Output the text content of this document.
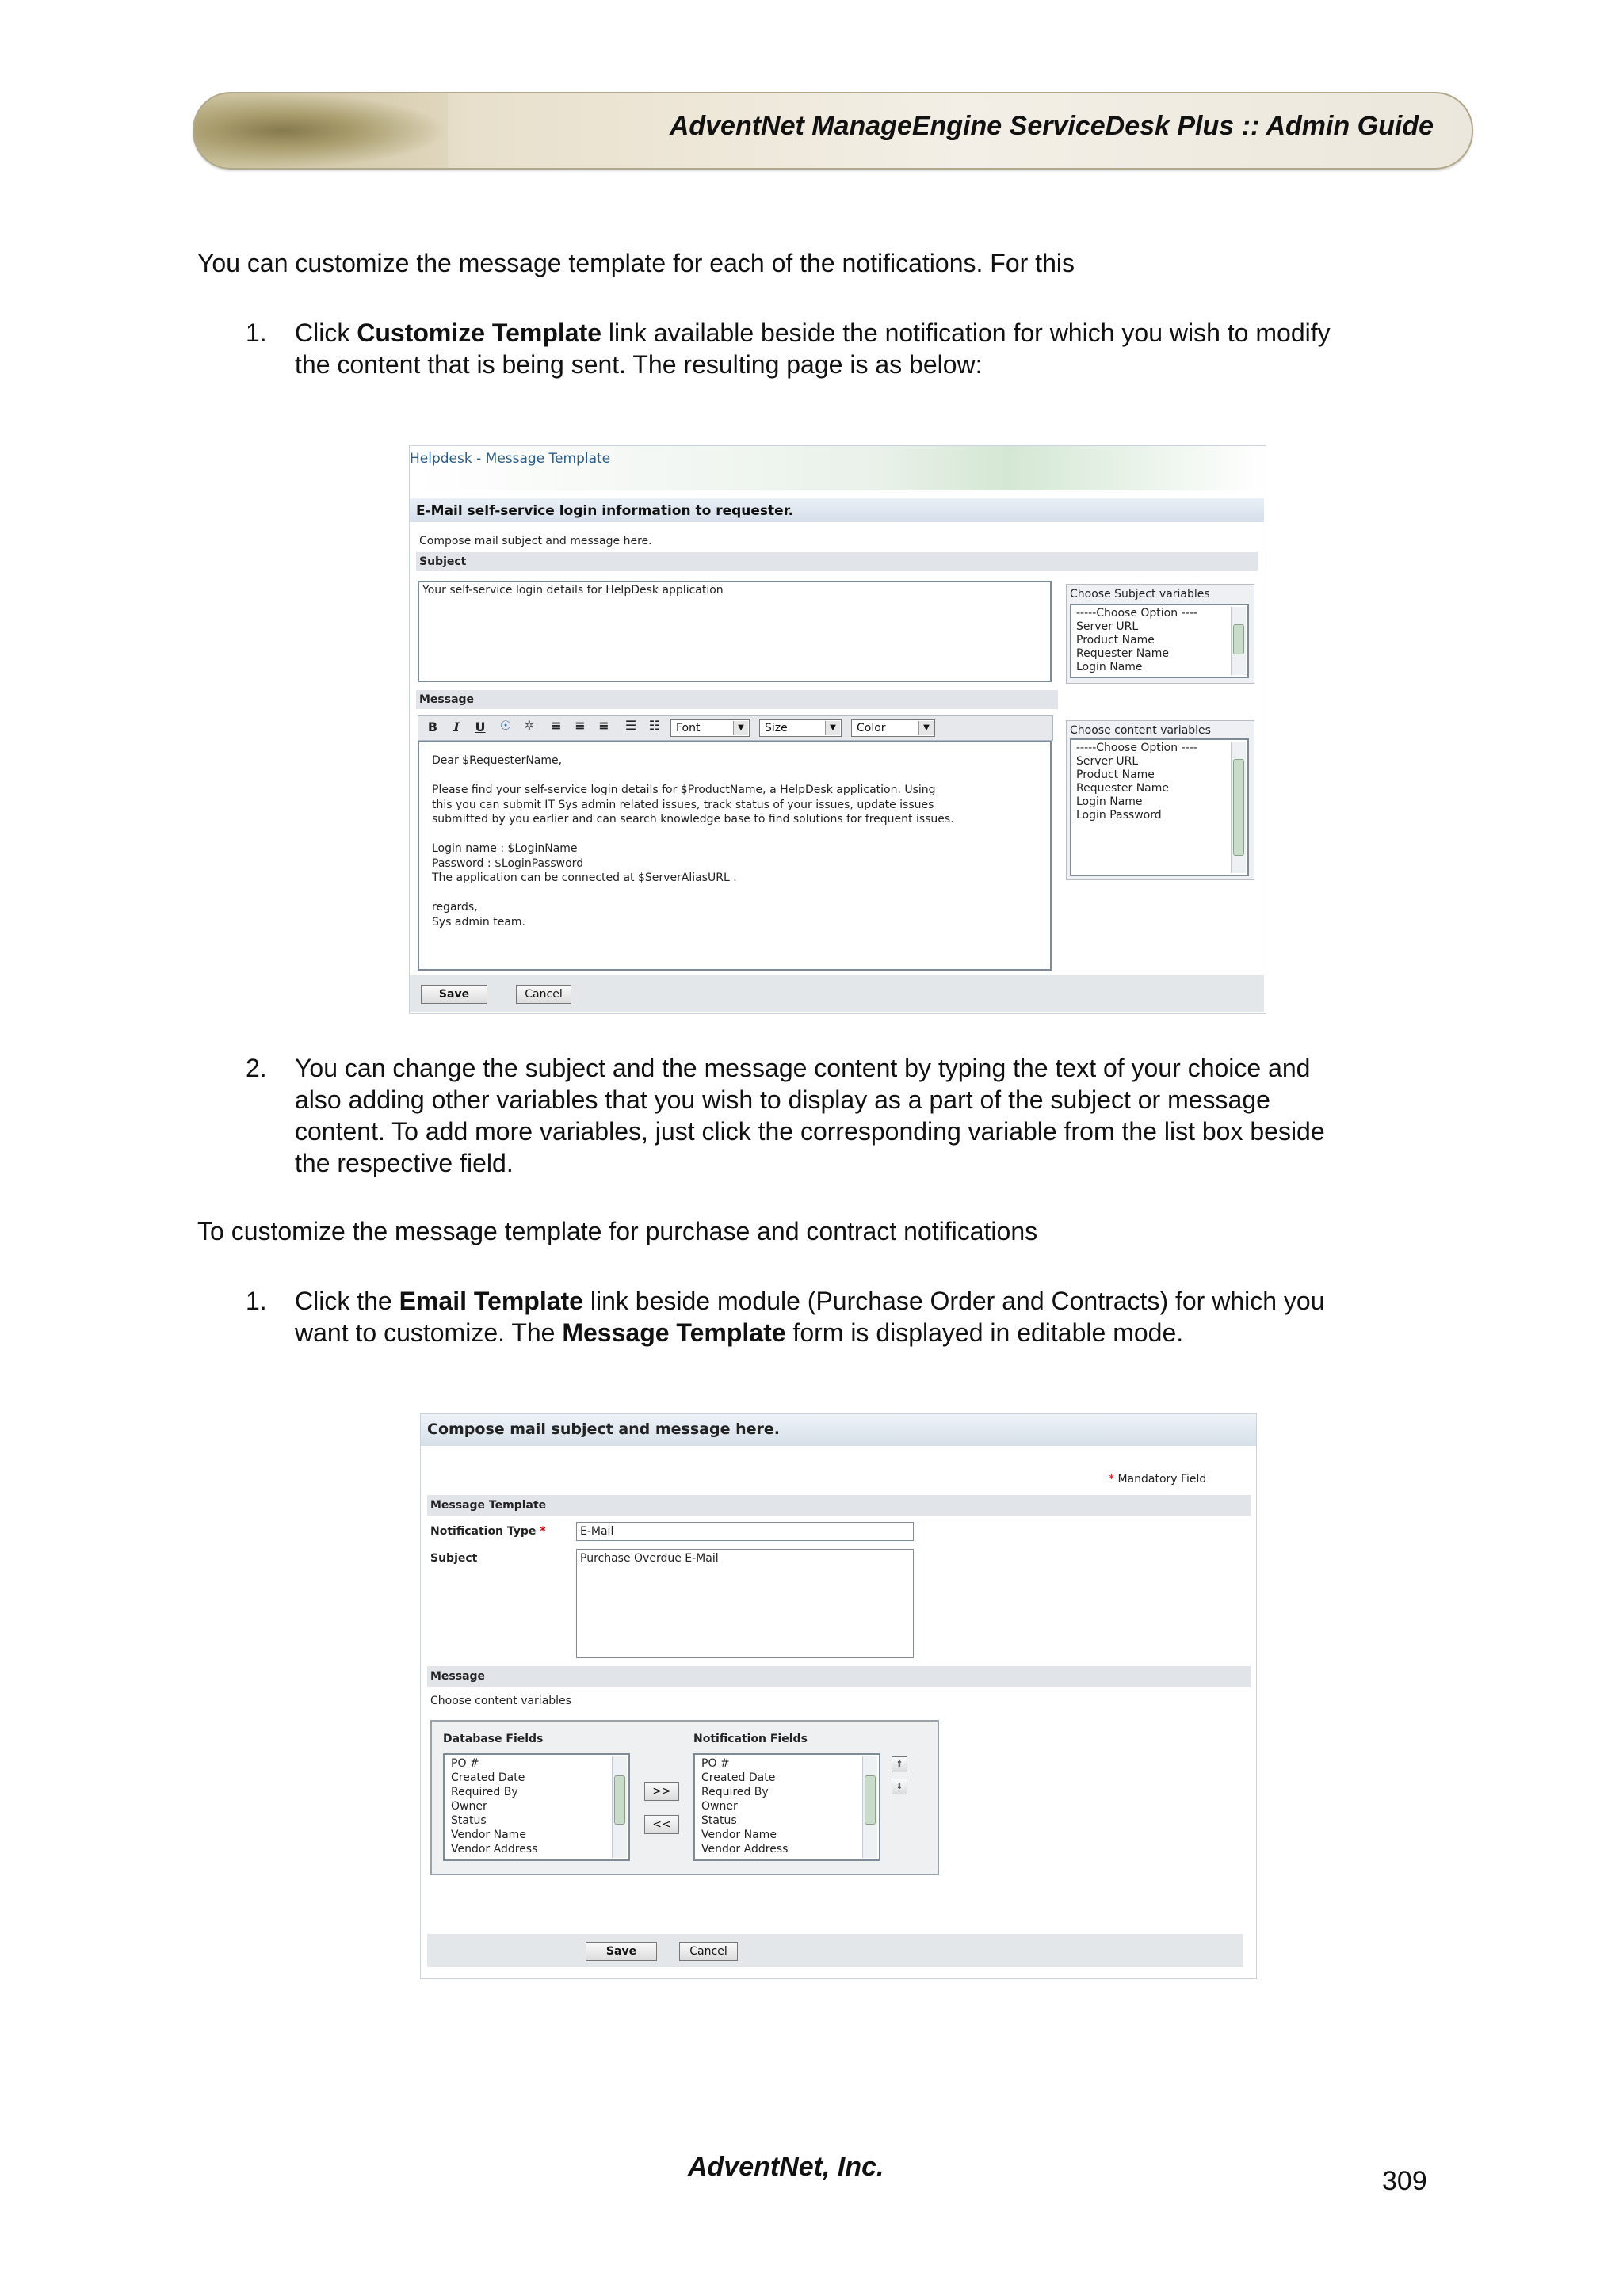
AdventNet ManageEngine ServiceDesk Plus :: Admin Guide
You can customize the message template for each of the notifications. For this
1. Click Customize Template link available beside the notification for which you wish to modify
the content that is being sent. The resulting page is as below:
Helpdesk - Message Template
E-Mail self-service login information to requester.
Compose mail subject and message here.
Subject
Your self-service login details for HelpDesk application	Choose Subject variables
-----Choose Option ----
Server URL
Product Name
Requester Name
Login Name
Message
B	I	U	☉	✲	≡	≡	≡	☰ ☷	Font	▼	Size	▼	Color	▼
Dear $RequesterName,

Please find your self-service login details for $ProductName, a HelpDesk application. Using
this you can submit IT Sys admin related issues, track status of your issues, update issues
submitted by you earlier and can search knowledge base to find solutions for frequent issues.

Login name : $LoginName
Password : $LoginPassword
The application can be connected at $ServerAliasURL .

regards,
Sys admin team.
Choose content variables
-----Choose Option ----
Server URL
Product Name
Requester Name
Login Name
Login Password
Save	Cancel
2. You can change the subject and the message content by typing the text of your choice and
also adding other variables that you wish to display as a part of the subject or message
content. To add more variables, just click the corresponding variable from the list box beside
the respective field.
To customize the message template for purchase and contract notifications
1. Click the Email Template link beside module (Purchase Order and Contracts) for which you
want to customize. The Message Template form is displayed in editable mode.
Compose mail subject and message here.
* Mandatory Field
Message Template
Notification Type *	E-Mail
Subject	Purchase Overdue E-Mail
Message
Choose content variables
Database Fields	Notification Fields
PO #
Created Date
Required By
Owner
Status
Vendor Name
Vendor Address
>>
<<
PO #
Created Date
Required By
Owner
Status
Vendor Name
Vendor Address
⇑
⇓
Save	Cancel
AdventNet, Inc.	309
